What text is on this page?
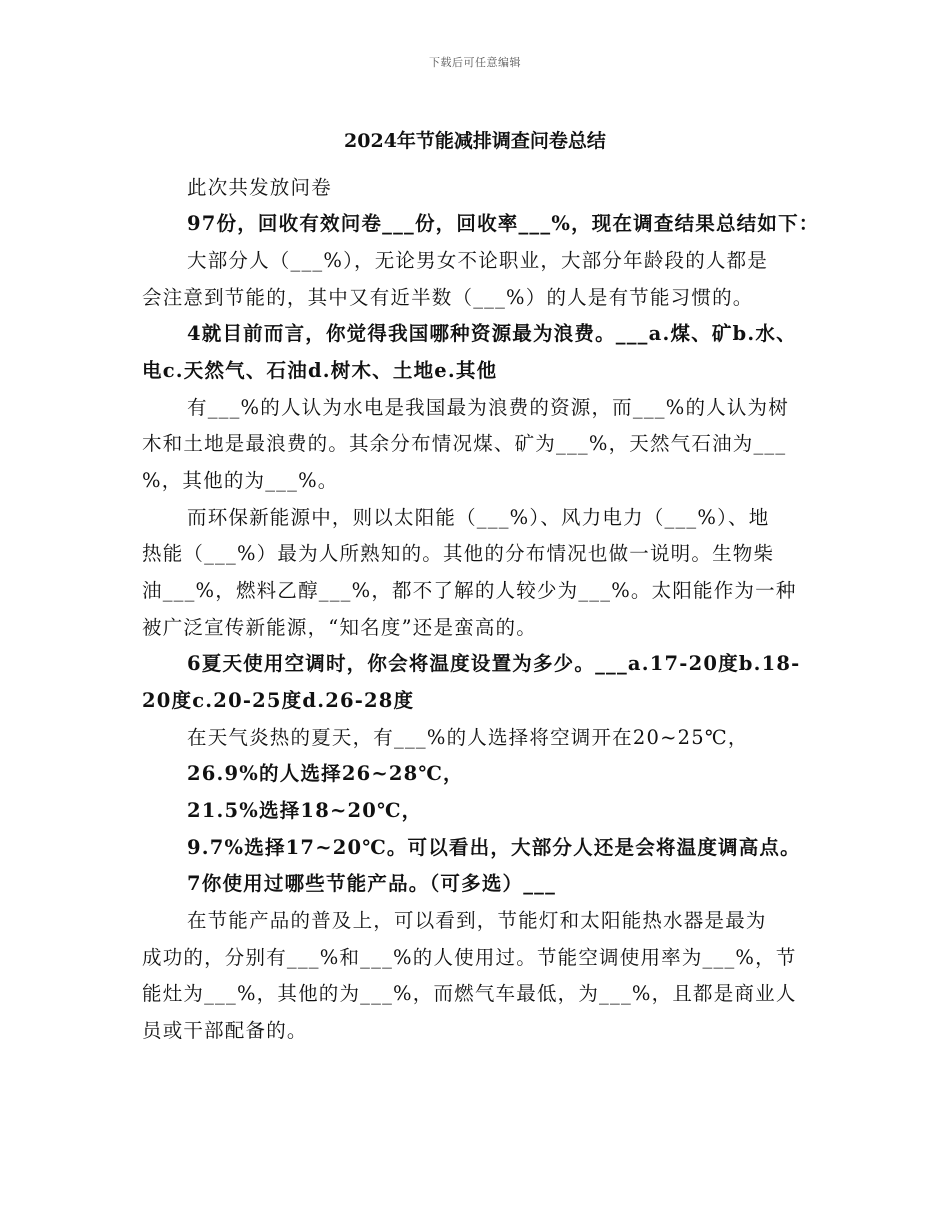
下载后可任意编辑
2024年节能减排调查问卷总结
此次共发放问卷
97份，回收有效问卷___份，回收率___%，现在调查结果总结如下：
大部分人（___%），无论男女不论职业，大部分年龄段的人都是
会注意到节能的，其中又有近半数（___%）的人是有节能习惯的。
4就目前而言，你觉得我国哪种资源最为浪费。___a.煤、矿b.水、
电c.天然气、石油d.树木、土地e.其他
有___%的人认为水电是我国最为浪费的资源，而___%的人认为树
木和土地是最浪费的。其余分布情况煤、矿为___%，天然气石油为___
%，其他的为___%。
而环保新能源中，则以太阳能（___%）、风力电力（___%）、地
热能（___%）最为人所熟知的。其他的分布情况也做一说明。生物柴
油___%，燃料乙醇___%，都不了解的人较少为___%。太阳能作为一种
被广泛宣传新能源，“知名度”还是蛮高的。
6夏天使用空调时，你会将温度设置为多少。___a.17-20度b.18-
20度c.20-25度d.26-28度
在天气炎热的夏天，有___%的人选择将空调开在20~25℃，
26.9%的人选择26~28℃，
21.5%选择18~20℃，
9.7%选择17~20℃。可以看出，大部分人还是会将温度调高点。
7你使用过哪些节能产品。（可多选）___
在节能产品的普及上，可以看到，节能灯和太阳能热水器是最为
成功的，分别有___%和___%的人使用过。节能空调使用率为___%，节
能灶为___%，其他的为___%，而燃气车最低，为___%，且都是商业人
员或干部配备的。
